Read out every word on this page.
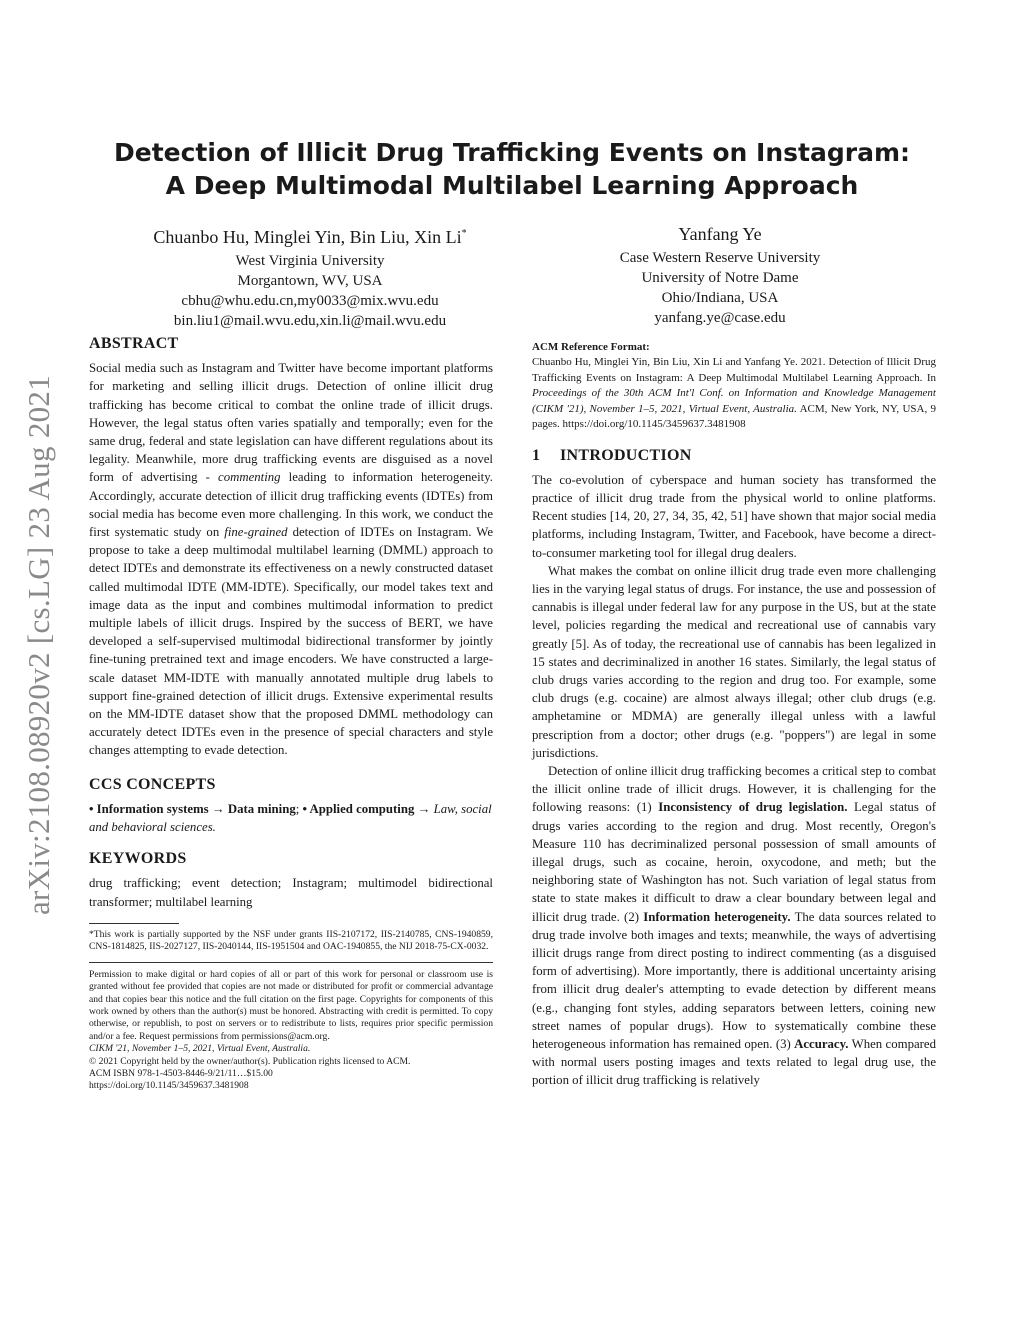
arXiv:2108.08920v2 [cs.LG] 23 Aug 2021
Detection of Illicit Drug Trafficking Events on Instagram:
A Deep Multimodal Multilabel Learning Approach
Chuanbo Hu, Minglei Yin, Bin Liu, Xin Li*
West Virginia University
Morgantown, WV, USA
cbhu@whu.edu.cn,my0033@mix.wvu.edu
bin.liu1@mail.wvu.edu,xin.li@mail.wvu.edu
Yanfang Ye
Case Western Reserve University
University of Notre Dame
Ohio/Indiana, USA
yanfang.ye@case.edu
ABSTRACT

Social media such as Instagram and Twitter have become important platforms for marketing and selling illicit drugs. Detection of online illicit drug trafficking has become critical to combat the online trade of illicit drugs. However, the legal status often varies spatially and temporally; even for the same drug, federal and state legislation can have different regulations about its legality. Meanwhile, more drug trafficking events are disguised as a novel form of advertising - commenting leading to information heterogeneity. Accordingly, accurate detection of illicit drug trafficking events (IDTEs) from social media has become even more challenging. In this work, we conduct the first systematic study on fine-grained detection of IDTEs on Instagram. We propose to take a deep multimodal multilabel learning (DMML) approach to detect IDTEs and demonstrate its effectiveness on a newly constructed dataset called multimodal IDTE (MM-IDTE). Specifically, our model takes text and image data as the input and combines multimodal information to predict multiple labels of illicit drugs. Inspired by the success of BERT, we have developed a self-supervised multimodal bidirectional transformer by jointly fine-tuning pretrained text and image encoders. We have constructed a large-scale dataset MM-IDTE with manually annotated multiple drug labels to support fine-grained detection of illicit drugs. Extensive experimental results on the MM-IDTE dataset show that the proposed DMML methodology can accurately detect IDTEs even in the presence of special characters and style changes attempting to evade detection.

CCS CONCEPTS

• Information systems → Data mining; • Applied computing → Law, social and behavioral sciences.

KEYWORDS

drug trafficking; event detection; Instagram; multimodel bidirectional transformer; multilabel learning

*This work is partially supported by the NSF under grants IIS-2107172, IIS-2140785, CNS-1940859, CNS-1814825, IIS-2027127, IIS-2040144, IIS-1951504 and OAC-1940855, the NIJ 2018-75-CX-0032.

Permission to make digital or hard copies of all or part of this work for personal or classroom use is granted without fee provided that copies are not made or distributed for profit or commercial advantage and that copies bear this notice and the full citation on the first page. Copyrights for components of this work owned by others than the author(s) must be honored. Abstracting with credit is permitted. To copy otherwise, or republish, to post on servers or to redistribute to lists, requires prior specific permission and/or a fee. Request permissions from permissions@acm.org.

CIKM '21, November 1–5, 2021, Virtual Event, Australia.

© 2021 Copyright held by the owner/author(s). Publication rights licensed to ACM.

ACM ISBN 978-1-4503-8446-9/21/11…$15.00

https://doi.org/10.1145/3459637.3481908

ACM Reference Format:

Chuanbo Hu, Minglei Yin, Bin Liu, Xin Li and Yanfang Ye. 2021. Detection of Illicit Drug Trafficking Events on Instagram: A Deep Multimodal Multilabel Learning Approach. In Proceedings of the 30th ACM Int'l Conf. on Information and Knowledge Management (CIKM '21), November 1–5, 2021, Virtual Event, Australia. ACM, New York, NY, USA, 9 pages. https://doi.org/10.1145/3459637.3481908

1 INTRODUCTION

The co-evolution of cyberspace and human society has transformed the practice of illicit drug trade from the physical world to online platforms. Recent studies [14, 20, 27, 34, 35, 42, 51] have shown that major social media platforms, including Instagram, Twitter, and Facebook, have become a direct-to-consumer marketing tool for illegal drug dealers.

What makes the combat on online illicit drug trade even more challenging lies in the varying legal status of drugs. For instance, the use and possession of cannabis is illegal under federal law for any purpose in the US, but at the state level, policies regarding the medical and recreational use of cannabis vary greatly [5]. As of today, the recreational use of cannabis has been legalized in 15 states and decriminalized in another 16 states. Similarly, the legal status of club drugs varies according to the region and drug too. For example, some club drugs (e.g. cocaine) are almost always illegal; other club drugs (e.g. amphetamine or MDMA) are generally illegal unless with a lawful prescription from a doctor; other drugs (e.g. "poppers") are legal in some jurisdictions.

Detection of online illicit drug trafficking becomes a critical step to combat the illicit online trade of illicit drugs. However, it is challenging for the following reasons: (1) Inconsistency of drug legislation. Legal status of drugs varies according to the region and drug. Most recently, Oregon's Measure 110 has decriminalized personal possession of small amounts of illegal drugs, such as cocaine, heroin, oxycodone, and meth; but the neighboring state of Washington has not. Such variation of legal status from state to state makes it difficult to draw a clear boundary between legal and illicit drug trade. (2) Information heterogeneity. The data sources related to drug trade involve both images and texts; meanwhile, the ways of advertising illicit drugs range from direct posting to indirect commenting (as a disguised form of advertising). More importantly, there is additional uncertainty arising from illicit drug dealer's attempting to evade detection by different means (e.g., changing font styles, adding separators between letters, coining new street names of popular drugs). How to systematically combine these heterogeneous information has remained open. (3) Accuracy. When compared with normal users posting images and texts related to legal drug use, the portion of illicit drug trafficking is relatively
